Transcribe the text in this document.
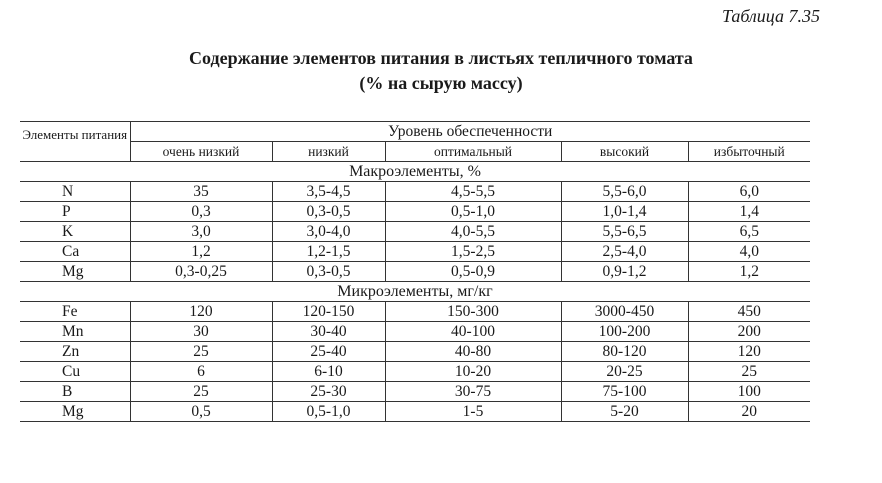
Таблица 7.35
Содержание элементов питания в листьях тепличного томата
(% на сырую массу)
Элементы питания	Уровень обеспеченности				
	очень низкий	низкий	оптимальный	высокий	избыточный
Макроэлементы, %					
N	35	3,5-4,5	4,5-5,5	5,5-6,0	6,0
P	0,3	0,3-0,5	0,5-1,0	1,0-1,4	1,4
K	3,0	3,0-4,0	4,0-5,5	5,5-6,5	6,5
Ca	1,2	1,2-1,5	1,5-2,5	2,5-4,0	4,0
Mg	0,3-0,25	0,3-0,5	0,5-0,9	0,9-1,2	1,2
Микроэлементы, мг/кг					
Fe	120	120-150	150-300	3000-450	450
Mn	30	30-40	40-100	100-200	200
Zn	25	25-40	40-80	80-120	120
Cu	6	6-10	10-20	20-25	25
B	25	25-30	30-75	75-100	100
Mg	0,5	0,5-1,0	1-5	5-20	20
